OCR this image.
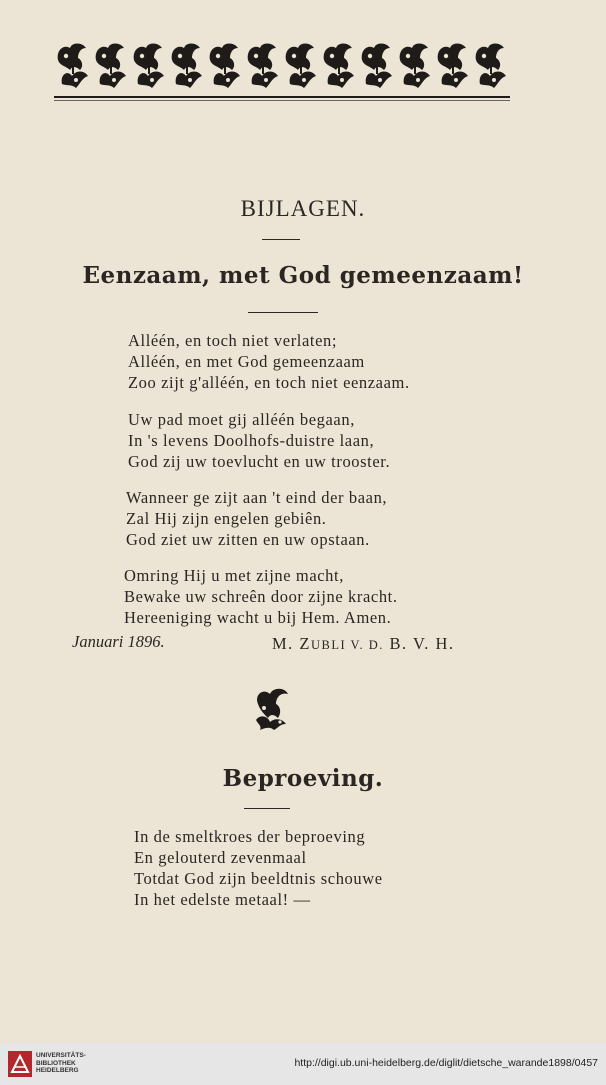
BIJLAGEN.
Eenzaam, met God gemeenzaam!
Alléén, en toch niet verlaten;
Alléén, en met God gemeenzaam
Zoo zijt g'alléén, en toch niet eenzaam.
Uw pad moet gij alléén begaan,
In 's levens Doolhofs-duistre laan,
God zij uw toevlucht en uw trooster.
Wanneer ge zijt aan 't eind der baan,
Zal Hij zijn engelen gebiên.
God ziet uw zitten en uw opstaan.
Omring Hij u met zijne macht,
Bewake uw schreên door zijne kracht.
Hereeniging wacht u bij Hem. Amen.
Januari 1896.	M. ZUBLI V. D. B. V. H.
Beproeving.
In de smeltkroes der beproeving
En gelouterd zevenmaal
Totdat God zijn beeldtnis schouwe
In het edelste metaal! —
UNIVERSITÄTS-
BIBLIOTHEK
HEIDELBERG
http://digi.ub.uni-heidelberg.de/diglit/dietsche_warande1898/0457
